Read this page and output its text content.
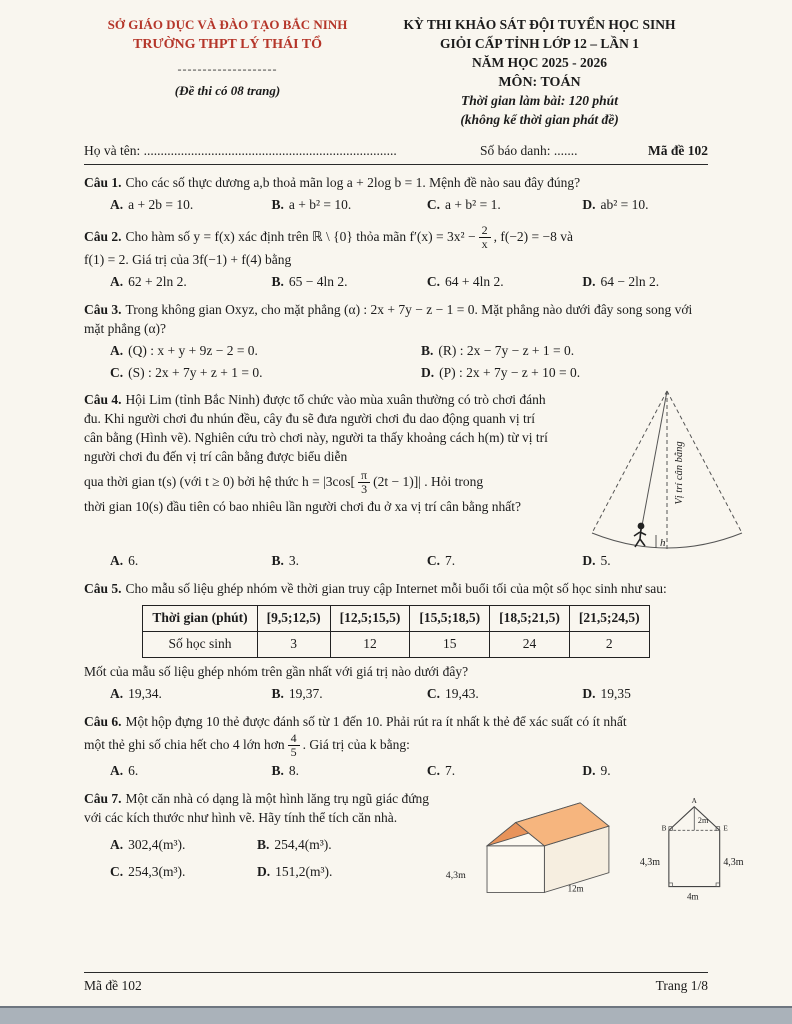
SỞ GIÁO DỤC VÀ ĐÀO TẠO BẮC NINH
TRƯỜNG THPT LÝ THÁI TỔ
--------------------
(Đề thi có 08 trang)
KỲ THI KHẢO SÁT ĐỘI TUYỂN HỌC SINH
GIỎI CẤP TỈNH LỚP 12 – LẦN 1
NĂM HỌC 2025 - 2026
MÔN: TOÁN
Thời gian làm bài: 120 phút
(không kể thời gian phát đề)
Họ và tên: ...........................................................................	Số báo danh: .......	Mã đề 102
Câu 1. Cho các số thực dương a,b thoả mãn log a + 2log b = 1. Mệnh đề nào sau đây đúng?
A. a + 2b = 10.	B. a + b² = 10.	C. a + b² = 1.	D. ab² = 10.
Câu 2. Cho hàm số y = f(x) xác định trên ℝ \ {0} thỏa mãn $f'(x) = 3x^2 - \frac{2}{x}$ , f(−2) = −8 và
f(1) = 2. Giá trị của 3f(−1) + f(4) bằng
A. 62 + 2ln 2.	B. 65 − 4ln 2.	C. 64 + 4ln 2.	D. 64 − 2ln 2.
Câu 3. Trong không gian Oxyz, cho mặt phẳng (α) : 2x + 7y − z − 1 = 0. Mặt phẳng nào dưới đây song song với mặt phẳng (α)?
A. (Q) : x + y + 9z − 2 = 0.	B. (R) : 2x − 7y − z + 1 = 0.
C. (S) : 2x + 7y + z + 1 = 0.	D. (P) : 2x + 7y − z + 10 = 0.
Câu 4. Hội Lim (tỉnh Bắc Ninh) được tổ chức vào mùa xuân thường có trò chơi đánh đu. Khi người chơi đu nhún đều, cây đu sẽ đưa người chơi đu dao động quanh vị trí cân bằng (Hình vẽ). Nghiên cứu trò chơi này, người ta thấy khoảng cách h(m) từ vị trí người chơi đu đến vị trí cân bằng được biểu diễn
qua thời gian t(s) (với t ≥ 0) bởi hệ thức $h = |3\cos[ \frac{\pi}{3} (2t - 1)]|$ . Hỏi trong
thời gian 10(s) đầu tiên có bao nhiêu lần người chơi đu ở xa vị trí cân bằng nhất?
h
Vị trí cân bằng
A. 6.	B. 3.	C. 7.	D. 5.
Câu 5. Cho mẫu số liệu ghép nhóm về thời gian truy cập Internet mỗi buổi tối của một số học sinh như sau:
Thời gian (phút)	[9,5;12,5)	[12,5;15,5)	[15,5;18,5)	[18,5;21,5)	[21,5;24,5)
Số học sinh	3	12	15	24	2
Mốt của mẫu số liệu ghép nhóm trên gần nhất với giá trị nào dưới đây?
A. 19,34.	B. 19,37.	C. 19,43.	D. 19,35
Câu 6. Một hộp đựng 10 thẻ được đánh số từ 1 đến 10. Phải rút ra ít nhất k thẻ để xác suất có ít nhất
một thẻ ghi số chia hết cho 4 lớn hơn $\frac{4}{5}$ . Giá trị của k bằng:
A. 6.	B. 8.	C. 7.	D. 9.
Câu 7. Một căn nhà có dạng là một hình lăng trụ ngũ giác đứng với các kích thước như hình vẽ. Hãy tính thể tích căn nhà.
A. 302,4(m³).	B. 254,4(m³).
C. 254,3(m³).	D. 151,2(m³).	4,3m
12m
A
B	E
2m
4,3m	4,3m
4m
Mã đề 102	Trang 1/8
